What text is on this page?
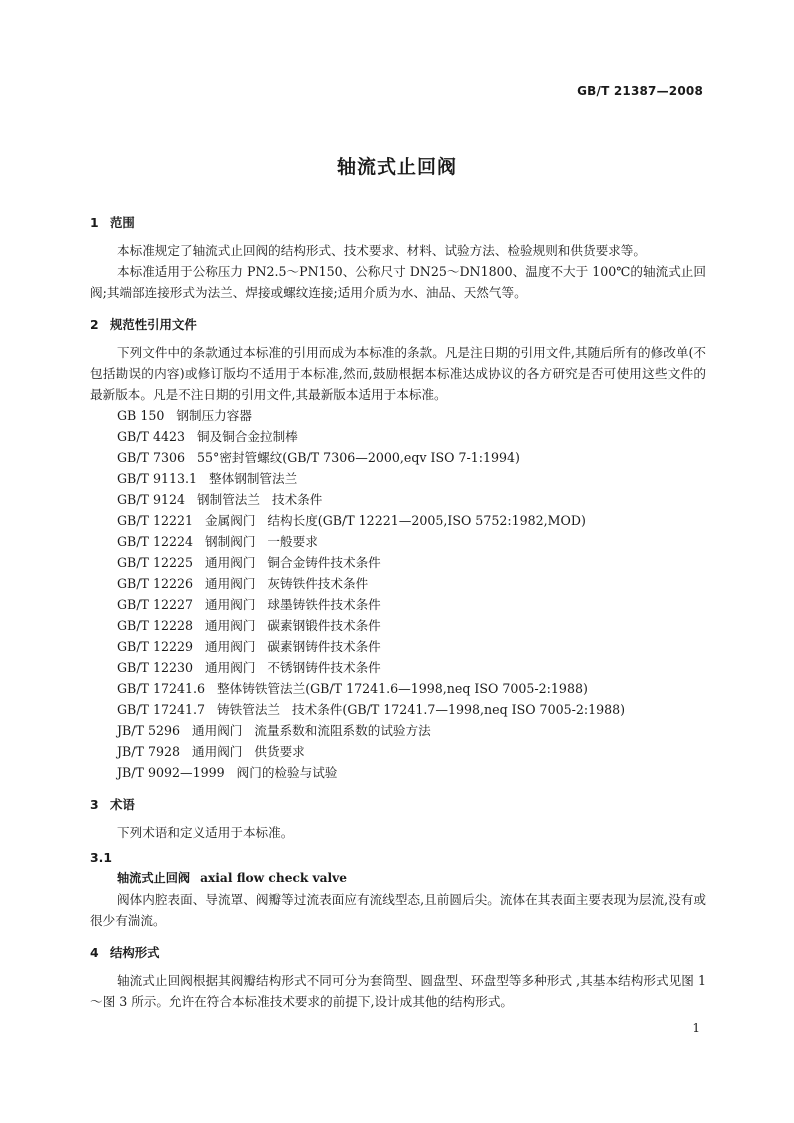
GB/T 21387—2008
轴流式止回阀
1 范围

本标准规定了轴流式止回阀的结构形式、技术要求、材料、试验方法、检验规则和供货要求等。

本标准适用于公称压力 PN2.5～PN150、公称尺寸 DN25～DN1800、温度不大于 100℃的轴流式止回阀;其端部连接形式为法兰、焊接或螺纹连接;适用介质为水、油品、天然气等。

2 规范性引用文件

下列文件中的条款通过本标准的引用而成为本标准的条款。凡是注日期的引用文件,其随后所有的修改单(不包括勘误的内容)或修订版均不适用于本标准,然而,鼓励根据本标准达成协议的各方研究是否可使用这些文件的最新版本。凡是不注日期的引用文件,其最新版本适用于本标准。

GB 150   钢制压力容器

GB/T 4423   铜及铜合金拉制棒

GB/T 7306   55°密封管螺纹(GB/T 7306—2000,eqv ISO 7-1:1994)

GB/T 9113.1   整体钢制管法兰

GB/T 9124   钢制管法兰   技术条件

GB/T 12221   金属阀门   结构长度(GB/T 12221—2005,ISO 5752:1982,MOD)

GB/T 12224   钢制阀门   一般要求

GB/T 12225   通用阀门   铜合金铸件技术条件

GB/T 12226   通用阀门   灰铸铁件技术条件

GB/T 12227   通用阀门   球墨铸铁件技术条件

GB/T 12228   通用阀门   碳素钢锻件技术条件

GB/T 12229   通用阀门   碳素钢铸件技术条件

GB/T 12230   通用阀门   不锈钢铸件技术条件

GB/T 17241.6   整体铸铁管法兰(GB/T 17241.6—1998,neq ISO 7005-2:1988)

GB/T 17241.7   铸铁管法兰   技术条件(GB/T 17241.7—1998,neq ISO 7005-2:1988)

JB/T 5296   通用阀门   流量系数和流阻系数的试验方法

JB/T 7928   通用阀门   供货要求

JB/T 9092—1999   阀门的检验与试验

3 术语

下列术语和定义适用于本标准。

3.1
轴流式止回阀 axial flow check valve

阀体内腔表面、导流罩、阀瓣等过流表面应有流线型态,且前圆后尖。流体在其表面主要表现为层流,没有或很少有湍流。

4 结构形式

轴流式止回阀根据其阀瓣结构形式不同可分为套筒型、圆盘型、环盘型等多种形式 ,其基本结构形式见图 1～图 3 所示。允许在符合本标准技术要求的前提下,设计成其他的结构形式。

1
